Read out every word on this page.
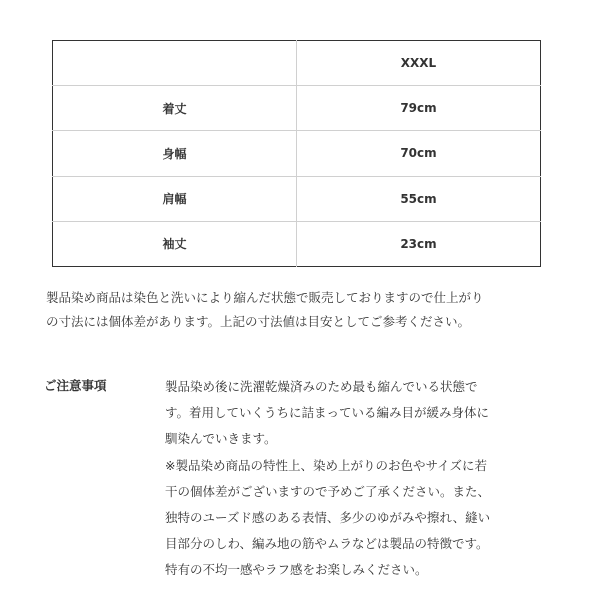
	XXXL
着丈	79cm
身幅	70cm
肩幅	55cm
袖丈	23cm

製品染め商品は染色と洗いにより縮んだ状態で販売しておりますので仕上がり
の寸法には個体差があります。上記の寸法値は目安としてご参考ください。

ご注意事項	製品染め後に洗濯乾燥済みのため最も縮んでいる状態で
す。着用していくうちに詰まっている編み目が緩み身体に
馴染んでいきます。
※製品染め商品の特性上、染め上がりのお色やサイズに若
干の個体差がございますので予めご了承ください。また、
独特のユーズド感のある表情、多少のゆがみや擦れ、縫い
目部分のしわ、編み地の筋やムラなどは製品の特徴です。
特有の不均一感やラフ感をお楽しみください。
